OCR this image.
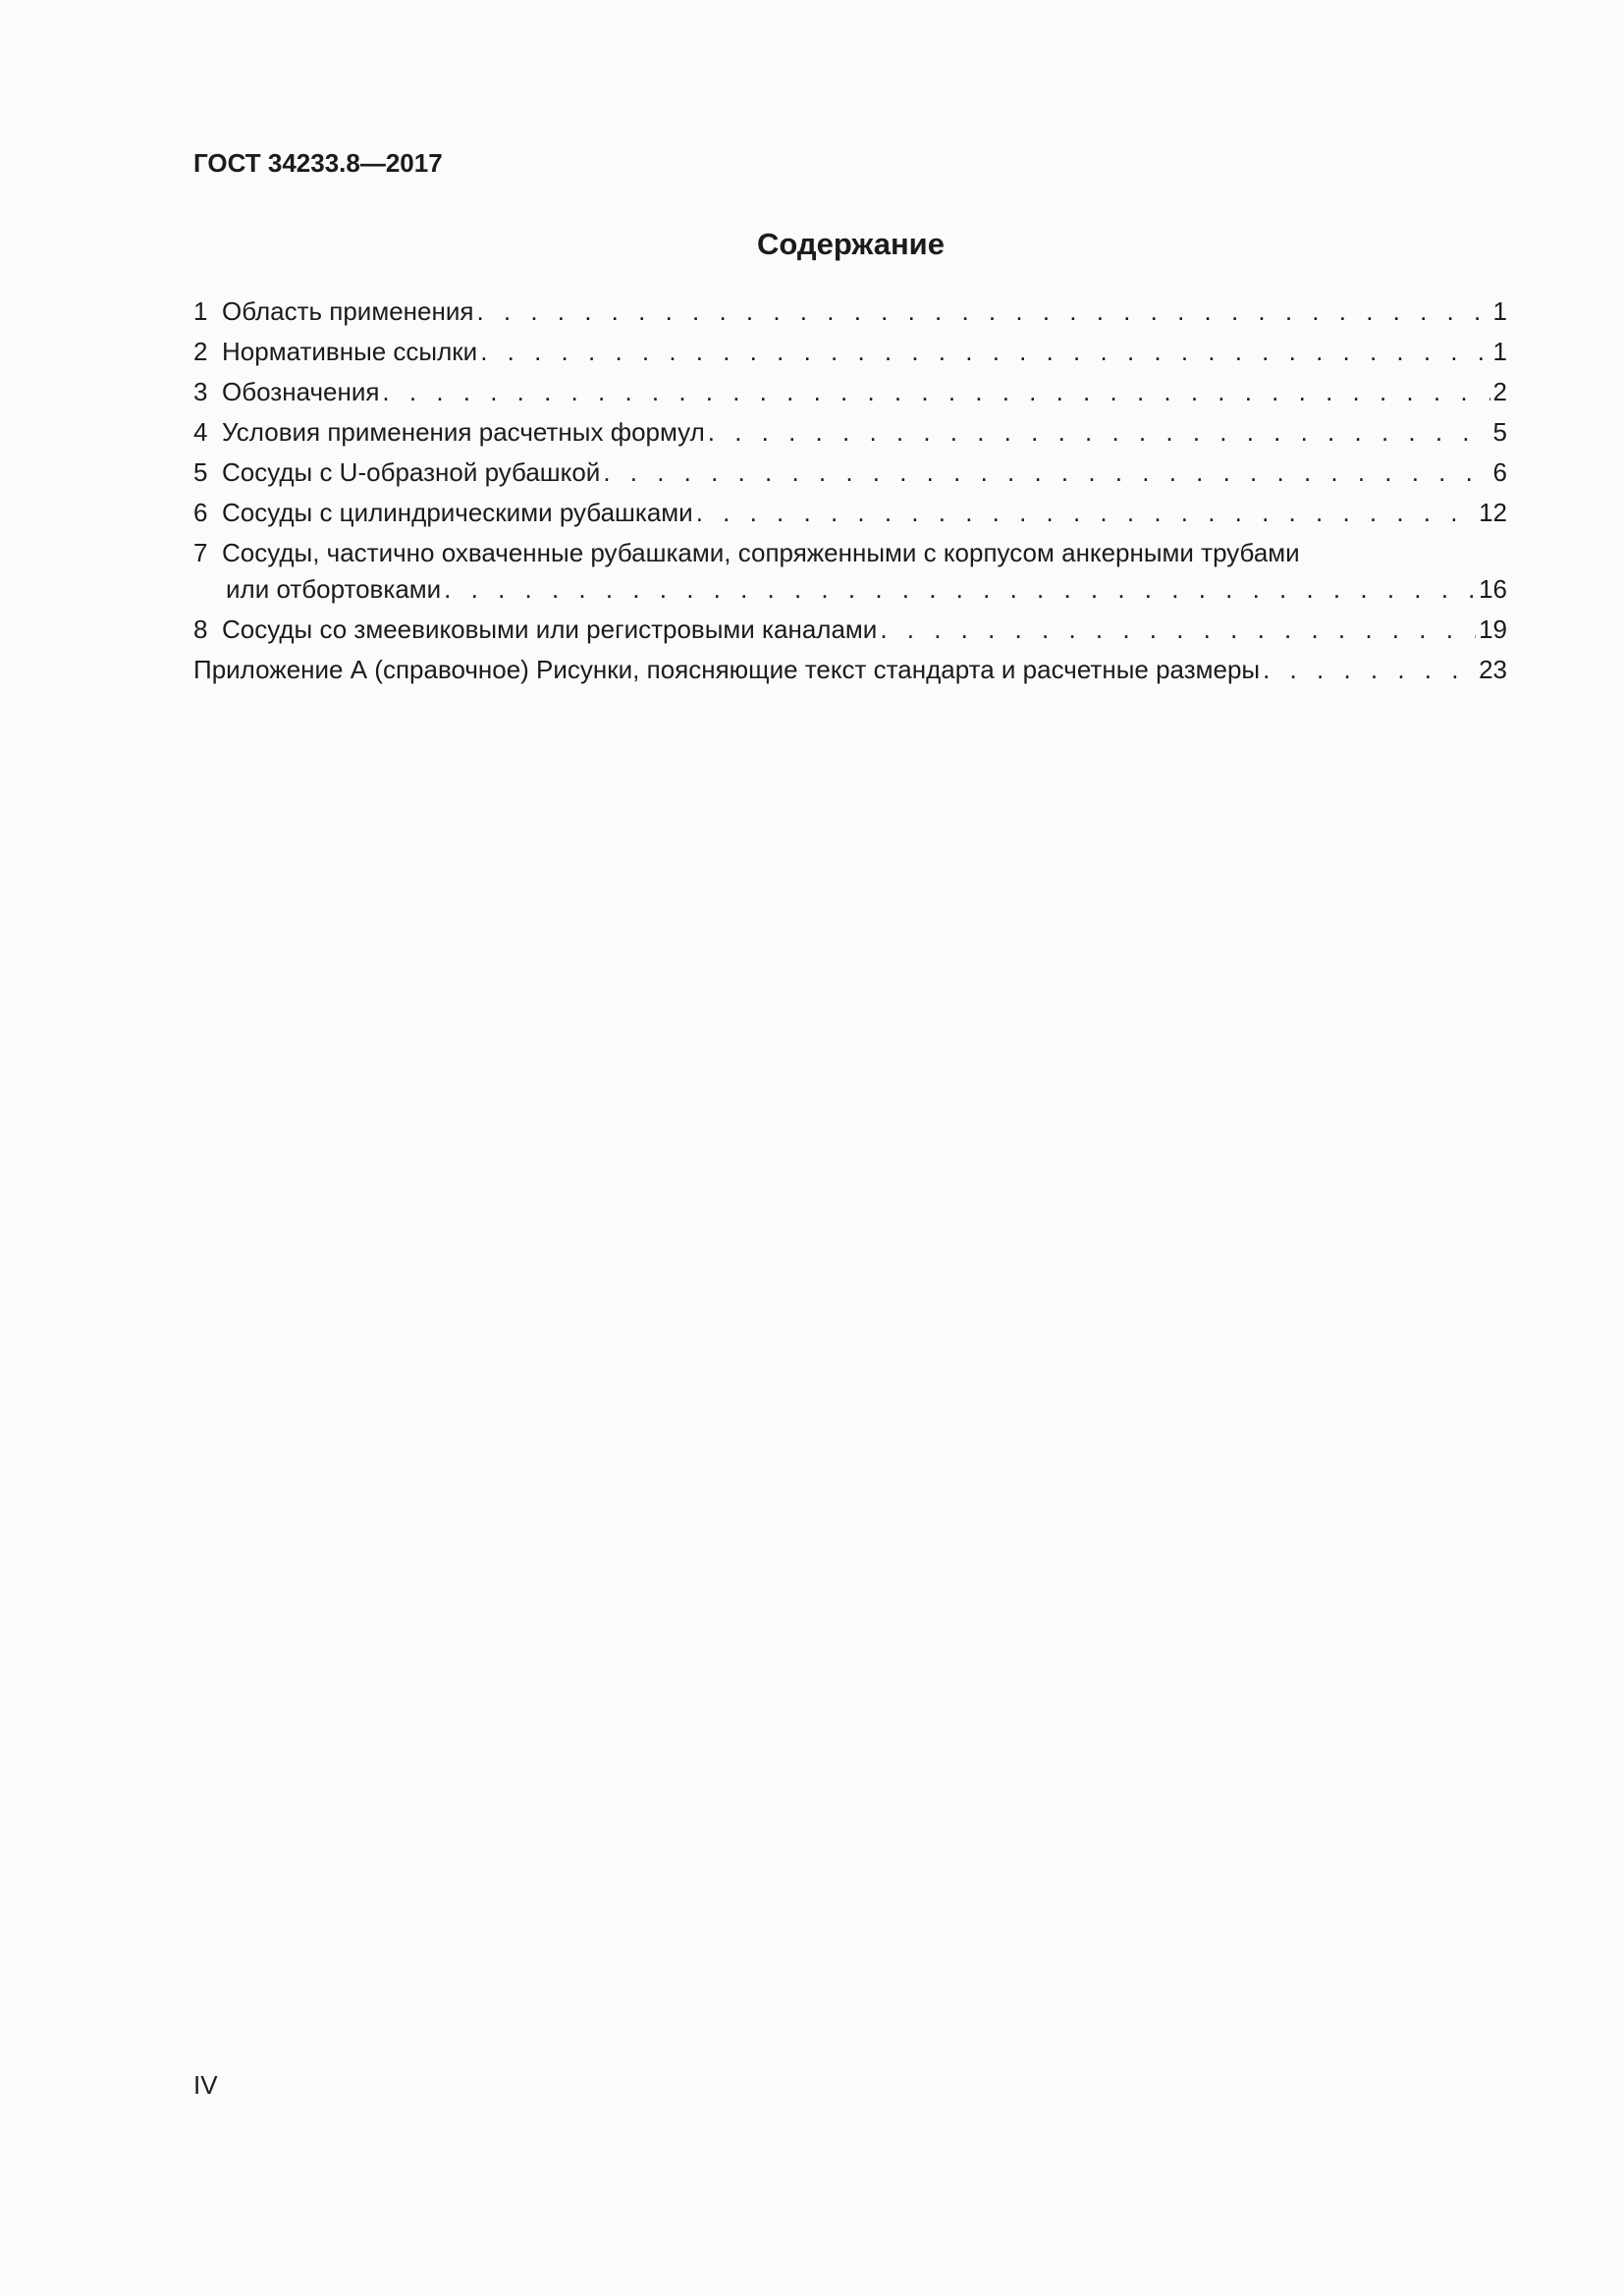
ГОСТ 34233.8—2017
Содержание
1 Область применения . . .	1
2 Нормативные ссылки . . .	1
3 Обозначения . . .	2
4 Условия применения расчетных формул . . .	5
5 Сосуды с U-образной рубашкой . . .	6
6 Сосуды с цилиндрическими рубашками . . .	12
7 Сосуды, частично охваченные рубашками, сопряженными с корпусом анкерными трубами
или отбортовками . . .	16
8 Сосуды со змеевиковыми или регистровыми каналами . . .	19
Приложение А (справочное) Рисунки, поясняющие текст стандарта и расчетные размеры . . .	23
IV
